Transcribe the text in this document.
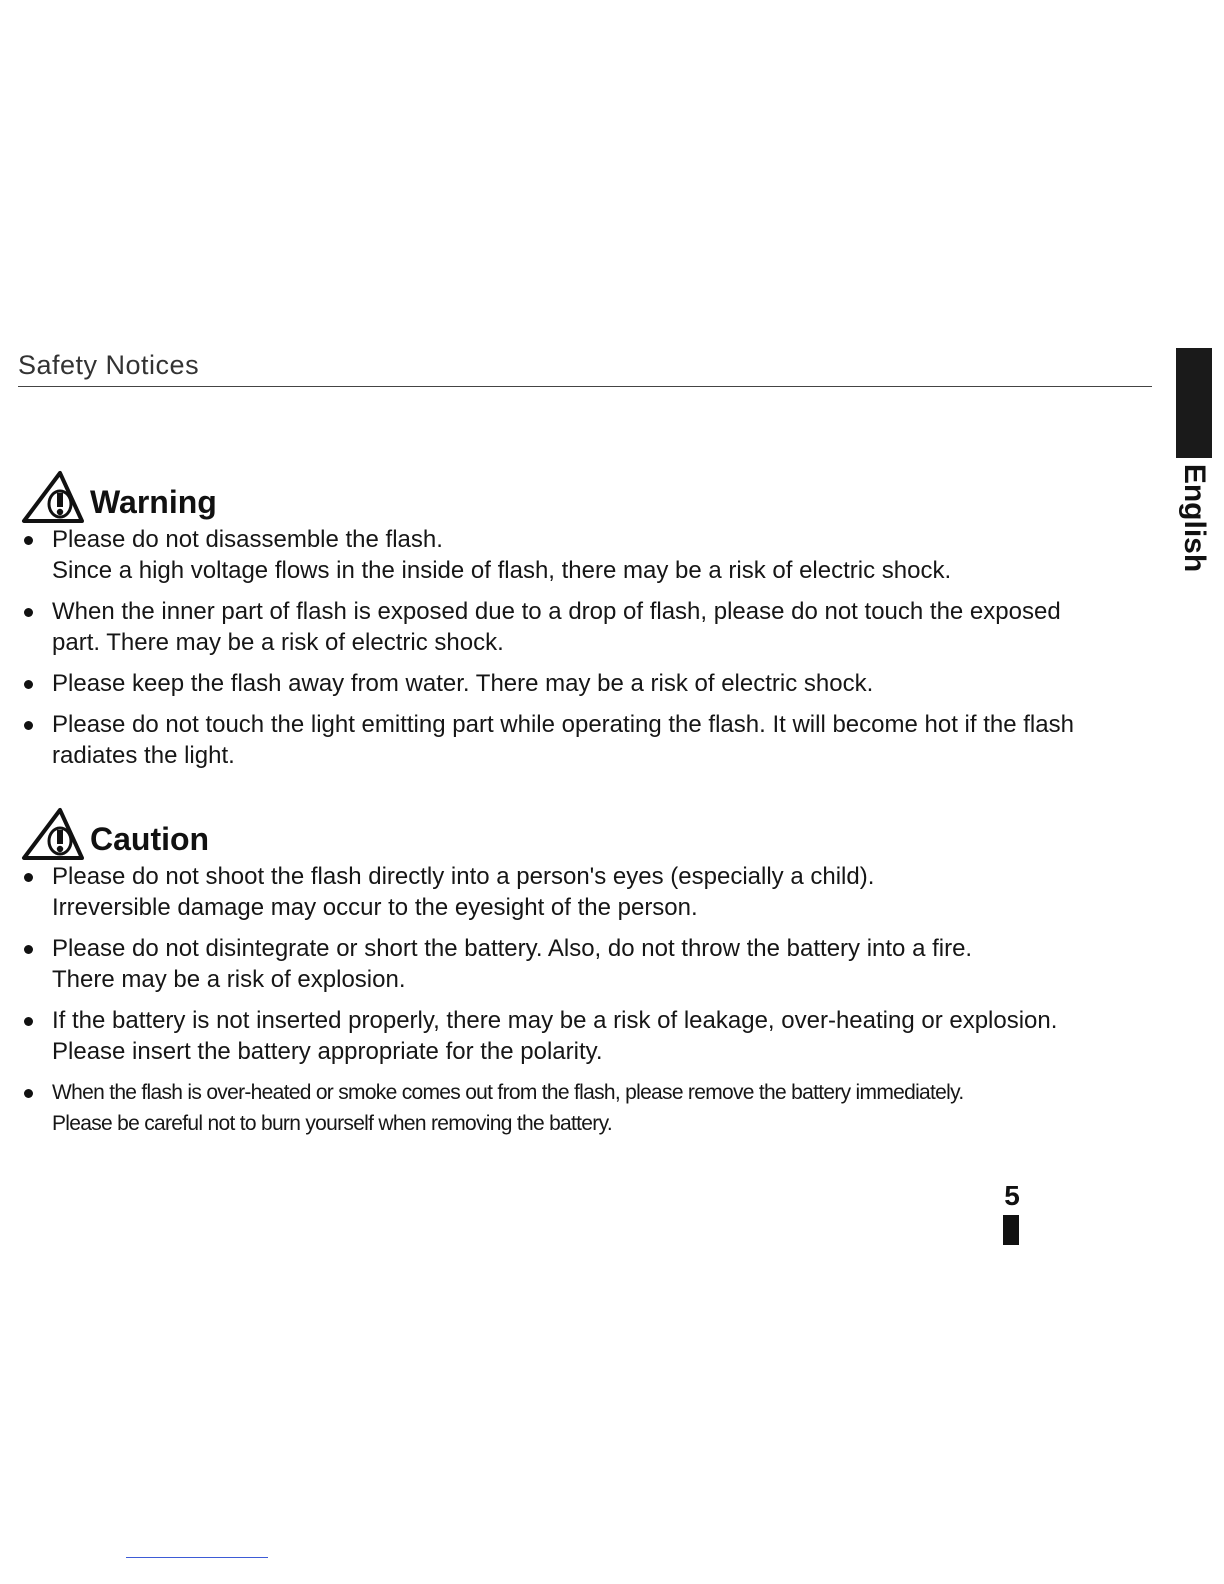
Safety Notices
English
Warning
Please do not disassemble the flash.
Since a high voltage flows in the inside of flash, there may be a risk of electric shock.
When the inner part of flash is exposed due to a drop of flash, please do not touch the exposed
part. There may be a risk of electric shock.
Please keep the flash away from water. There may be a risk of electric shock.
Please do not touch the light emitting part while operating the flash. It will become hot if the flash
radiates the light.
Caution
Please do not shoot the flash directly into a person's eyes (especially a child).
Irreversible damage may occur to the eyesight of the person.
Please do not disintegrate or short the battery. Also, do not throw the battery into a fire.
There may be a risk of explosion.
If the battery is not inserted properly, there may be a risk of leakage, over-heating or explosion.
Please insert the battery appropriate for the polarity.
When the flash is over-heated or smoke comes out from the flash, please remove the battery immediately.
Please be careful not to burn yourself when removing the battery.
5
